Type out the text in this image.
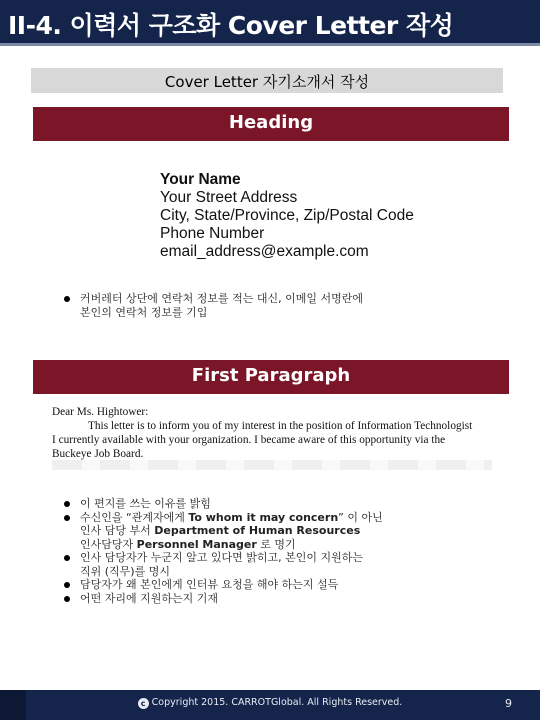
II-4. 이력서 구조화 Cover Letter 작성
Cover Letter 자기소개서 작성
Heading
Your Name
Your Street Address
City, State/Province, Zip/Postal Code
Phone Number
email_address@example.com
커버레터 상단에 연락처 정보를 적는 대신, 이메일 서명란에
본인의 연락처 정보를 기입
First Paragraph
Dear Ms. Hightower:
This letter is to inform you of my interest in the position of Information Technologist
I currently available with your organization. I became aware of this opportunity via the
Buckeye Job Board.
이 편지를 쓰는 이유를 밝힘
수신인을 “관계자에게 To whom it may concern” 이 아닌
인사 담당 부서 Department of Human Resources
인사담당자 Personnel Manager 로 명기
인사 담당자가 누군지 알고 있다면 밝히고, 본인이 지원하는
직위 (직무)를 명시
담당자가 왜 본인에게 인터뷰 요청을 해야 하는지 설득
어떤 자리에 지원하는지 기재
c Copyright 2015. CARROTGlobal. All Rights Reserved.	9
